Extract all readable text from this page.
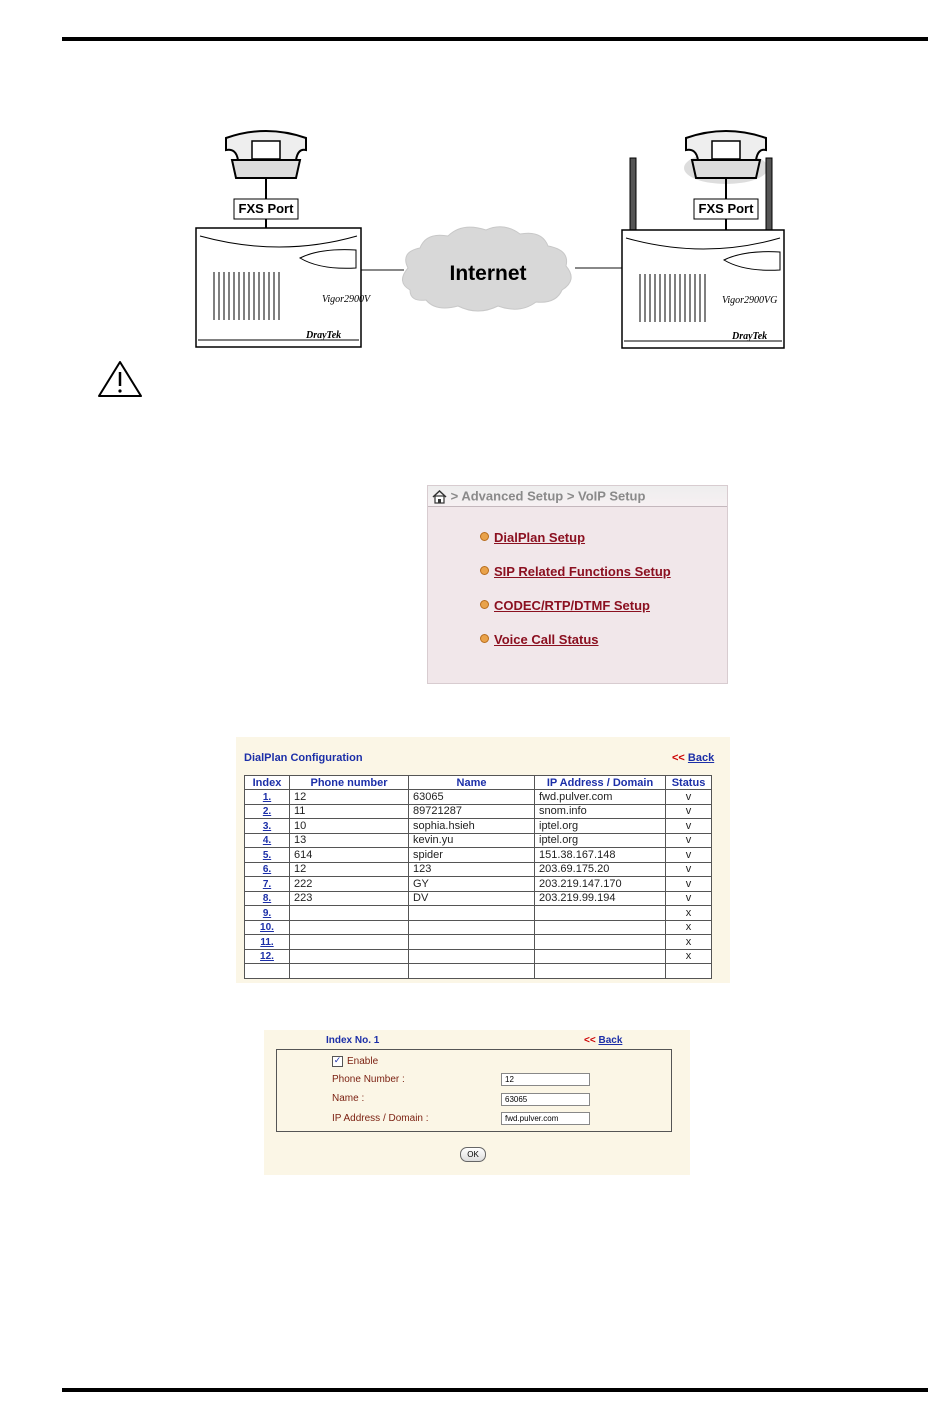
FXS Port
Vigor2900V
DrayTek
Internet
FXS Port
Vigor2900VG
DrayTek
> Advanced Setup > VoIP Setup
DialPlan Setup
SIP Related Functions Setup
CODEC/RTP/DTMF Setup
Voice Call Status
DialPlan Configuration	<< Back
Index	Phone number	Name	IP Address / Domain	Status
1.	12	63065	fwd.pulver.com	v
2.	11	89721287	snom.info	v
3.	10	sophia.hsieh	iptel.org	v
4.	13	kevin.yu	iptel.org	v
5.	614	spider	151.38.167.148	v
6.	12	123	203.69.175.20	v
7.	222	GY	203.219.147.170	v
8.	223	DV	203.219.99.194	v
9.				x
10.				x
11.				x
12.				x

Index No. 1	<< Back
✓ Enable
Phone Number :
12
Name :
63065
IP Address / Domain :
fwd.pulver.com
OK
